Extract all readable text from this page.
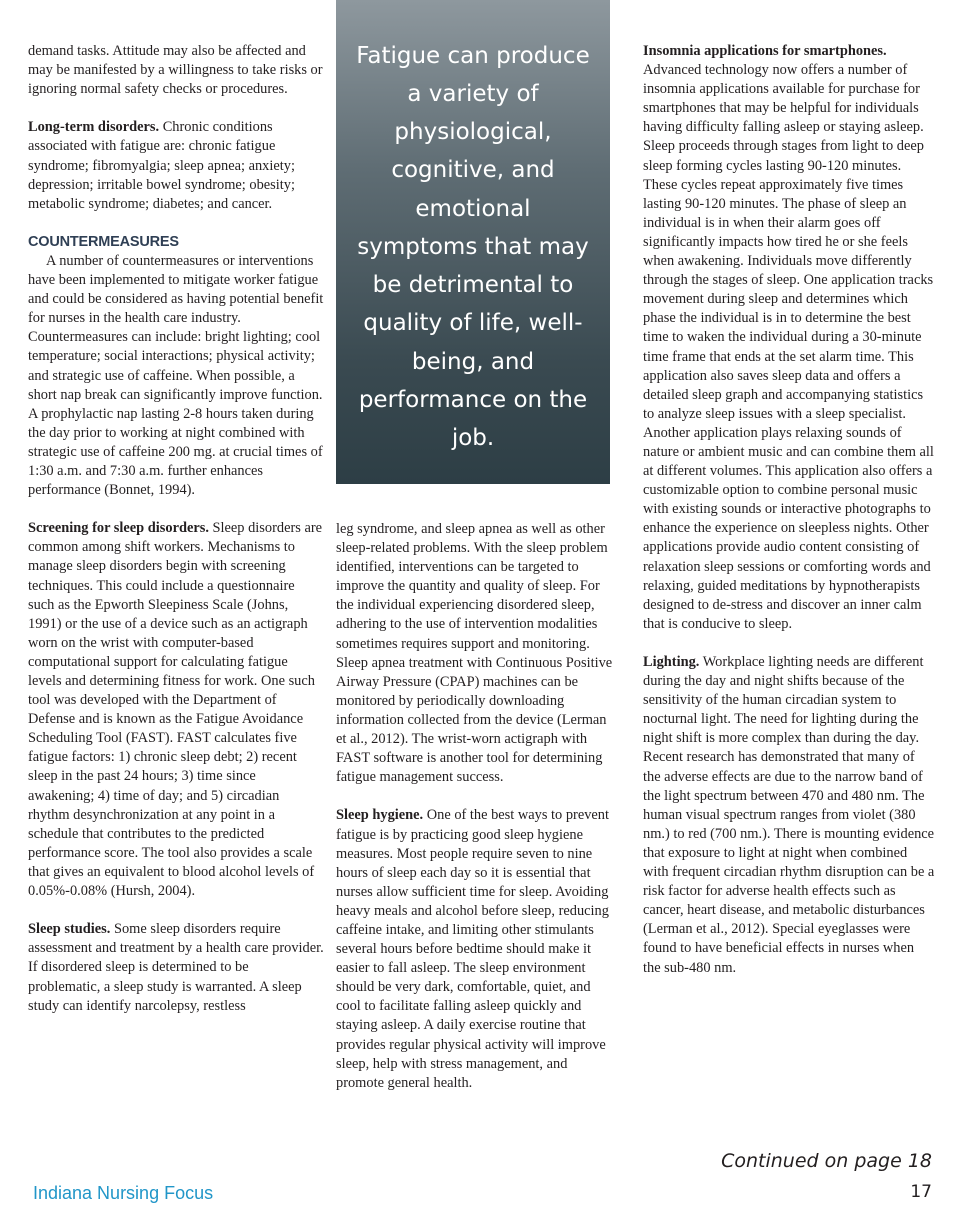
demand tasks. Attitude may also be affected and may be manifested by a willingness to take risks or ignoring normal safety checks or procedures.

Long-term disorders. Chronic conditions associated with fatigue are: chronic fatigue syndrome; fibromyalgia; sleep apnea; anxiety; depression; irritable bowel syndrome; obesity; metabolic syndrome; diabetes; and cancer.

COUNTERMEASURES

A number of countermeasures or interventions have been implemented to mitigate worker fatigue and could be considered as having potential benefit for nurses in the health care industry. Countermeasures can include: bright lighting; cool temperature; social interactions; physical activity; and strategic use of caffeine. When possible, a short nap break can significantly improve function. A prophylactic nap lasting 2-8 hours taken during the day prior to working at night combined with strategic use of caffeine 200 mg. at crucial times of 1:30 a.m. and 7:30 a.m. further enhances performance (Bonnet, 1994).

Screening for sleep disorders. Sleep disorders are common among shift workers. Mechanisms to manage sleep disorders begin with screening techniques. This could include a questionnaire such as the Epworth Sleepiness Scale (Johns, 1991) or the use of a device such as an actigraph worn on the wrist with computer-based computational support for calculating fatigue levels and determining fitness for work. One such tool was developed with the Department of Defense and is known as the Fatigue Avoidance Scheduling Tool (FAST). FAST calculates five fatigue factors: 1) chronic sleep debt; 2) recent sleep in the past 24 hours; 3) time since awakening; 4) time of day; and 5) circadian rhythm desynchronization at any point in a schedule that contributes to the predicted performance score. The tool also provides a scale that gives an equivalent to blood alcohol levels of 0.05%-0.08% (Hursh, 2004).

Sleep studies. Some sleep disorders require assessment and treatment by a health care provider. If disordered sleep is determined to be problematic, a sleep study is warranted. A sleep study can identify narcolepsy, restless

Fatigue can produce a variety of physiological, cognitive, and emotional symptoms that may be detrimental to quality of life, well-being, and performance on the job.

leg syndrome, and sleep apnea as well as other sleep-related problems. With the sleep problem identified, interventions can be targeted to improve the quantity and quality of sleep. For the individual experiencing disordered sleep, adhering to the use of intervention modalities sometimes requires support and monitoring. Sleep apnea treatment with Continuous Positive Airway Pressure (CPAP) machines can be monitored by periodically downloading information collected from the device (Lerman et al., 2012). The wrist-worn actigraph with FAST software is another tool for determining fatigue management success.

Sleep hygiene. One of the best ways to prevent fatigue is by practicing good sleep hygiene measures. Most people require seven to nine hours of sleep each day so it is essential that nurses allow sufficient time for sleep. Avoiding heavy meals and alcohol before sleep, reducing caffeine intake, and limiting other stimulants several hours before bedtime should make it easier to fall asleep. The sleep environment should be very dark, comfortable, quiet, and cool to facilitate falling asleep quickly and staying asleep. A daily exercise routine that provides regular physical activity will improve sleep, help with stress management, and promote general health.

Insomnia applications for smartphones. Advanced technology now offers a number of insomnia applications available for purchase for smartphones that may be helpful for individuals having difficulty falling asleep or staying asleep. Sleep proceeds through stages from light to deep sleep forming cycles lasting 90-120 minutes. These cycles repeat approximately five times lasting 90-120 minutes. The phase of sleep an individual is in when their alarm goes off significantly impacts how tired he or she feels when awakening. Individuals move differently through the stages of sleep. One application tracks movement during sleep and determines which phase the individual is in to determine the best time to waken the individual during a 30-minute time frame that ends at the set alarm time. This application also saves sleep data and offers a detailed sleep graph and accompanying statistics to analyze sleep issues with a sleep specialist. Another application plays relaxing sounds of nature or ambient music and can combine them all at different volumes. This application also offers a customizable option to combine personal music with existing sounds or interactive photographs to enhance the experience on sleepless nights. Other applications provide audio content consisting of relaxation sleep sessions or comforting words and relaxing, guided meditations by hypnotherapists designed to de-stress and discover an inner calm that is conducive to sleep.

Lighting. Workplace lighting needs are different during the day and night shifts because of the sensitivity of the human circadian system to nocturnal light. The need for lighting during the night shift is more complex than during the day. Recent research has demonstrated that many of the adverse effects are due to the narrow band of the light spectrum between 470 and 480 nm. The human visual spectrum ranges from violet (380 nm.) to red (700 nm.). There is mounting evidence that exposure to light at night when combined with frequent circadian rhythm disruption can be a risk factor for adverse health effects such as cancer, heart disease, and metabolic disturbances (Lerman et al., 2012). Special eyeglasses were found to have beneficial effects in nurses when the sub-480 nm.

Continued on page 18
Indiana Nursing Focus	17
